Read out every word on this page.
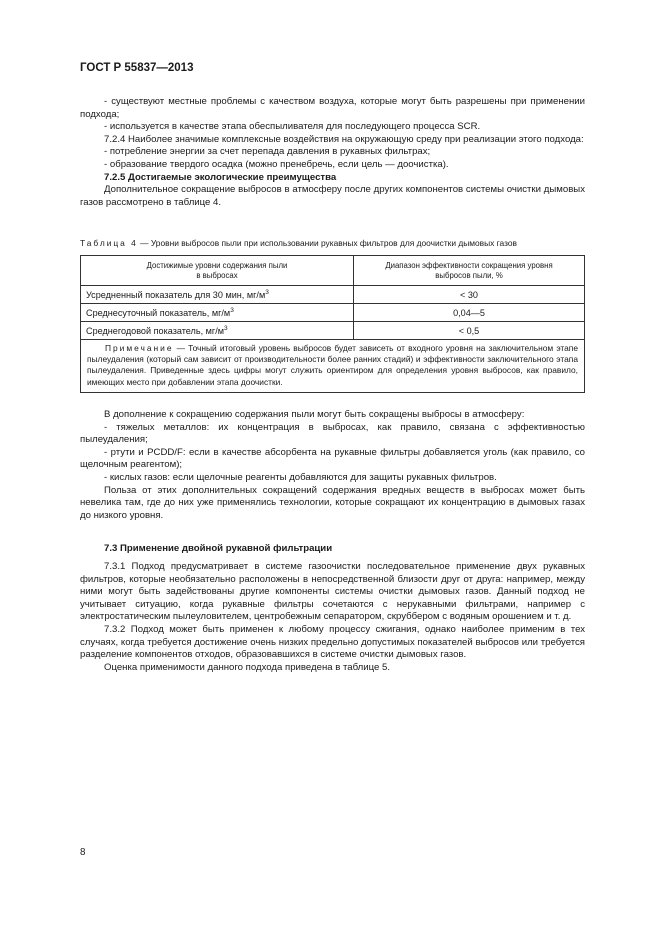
ГОСТ Р 55837—2013

- существуют местные проблемы с качеством воздуха, которые могут быть разрешены при применении подхода;

- используется в качестве этапа обеспыливателя для последующего процесса SCR.

7.2.4 Наиболее значимые комплексные воздействия на окружающую среду при реализации этого подхода:

- потребление энергии за счет перепада давления в рукавных фильтрах;

- образование твердого осадка (можно пренебречь, если цель — доочистка).

7.2.5 Достигаемые экологические преимущества

Дополнительное сокращение выбросов в атмосферу после других компонентов системы очистки дымовых газов рассмотрено в таблице 4.

Таблица 4 — Уровни выбросов пыли при использовании рукавных фильтров для доочистки дымовых газов

Достижимые уровни содержания пыли
в выбросах	Диапазон эффективности сокращения уровня
выбросов пыли, %
Усредненный показатель для 30 мин, $мг/м^3$	< 30
Среднесуточный показатель, $мг/м^3$	0,04—5
Среднегодовой показатель, $мг/м^3$	< 0,5
Примечание — Точный итоговый уровень выбросов будет зависеть от входного уровня на заключительном этапе пылеудаления (который сам зависит от производительности более ранних стадий) и эффективности заключительного этапа пылеудаления. Приведенные здесь цифры могут служить ориентиром для определения уровня выбросов, как правило, имеющих место при добавлении этапа доочистки.	

В дополнение к сокращению содержания пыли могут быть сокращены выбросы в атмосферу:

- тяжелых металлов: их концентрация в выбросах, как правило, связана с эффективностью пылеудаления;

- ртути и PCDD/F: если в качестве абсорбента на рукавные фильтры добавляется уголь (как правило, со щелочным реагентом);

- кислых газов: если щелочные реагенты добавляются для защиты рукавных фильтров.

Польза от этих дополнительных сокращений содержания вредных веществ в выбросах может быть невелика там, где до них уже применялись технологии, которые сокращают их концентрацию в дымовых газах до низкого уровня.

7.3 Применение двойной рукавной фильтрации

7.3.1 Подход предусматривает в системе газоочистки последовательное применение двух рукавных фильтров, которые необязательно расположены в непосредственной близости друг от друга: например, между ними могут быть задействованы другие компоненты системы очистки дымовых газов. Данный подход не учитывает ситуацию, когда рукавные фильтры сочетаются с нерукавными фильтрами, например с электростатическим пылеуловителем, центробежным сепаратором, скруббером с водяным орошением и т. д.

7.3.2 Подход может быть применен к любому процессу сжигания, однако наиболее применим в тех случаях, когда требуется достижение очень низких предельно допустимых показателей выбросов или требуется разделение компонентов отходов, образовавшихся в системе очистки дымовых газов.

Оценка применимости данного подхода приведена в таблице 5.

8
